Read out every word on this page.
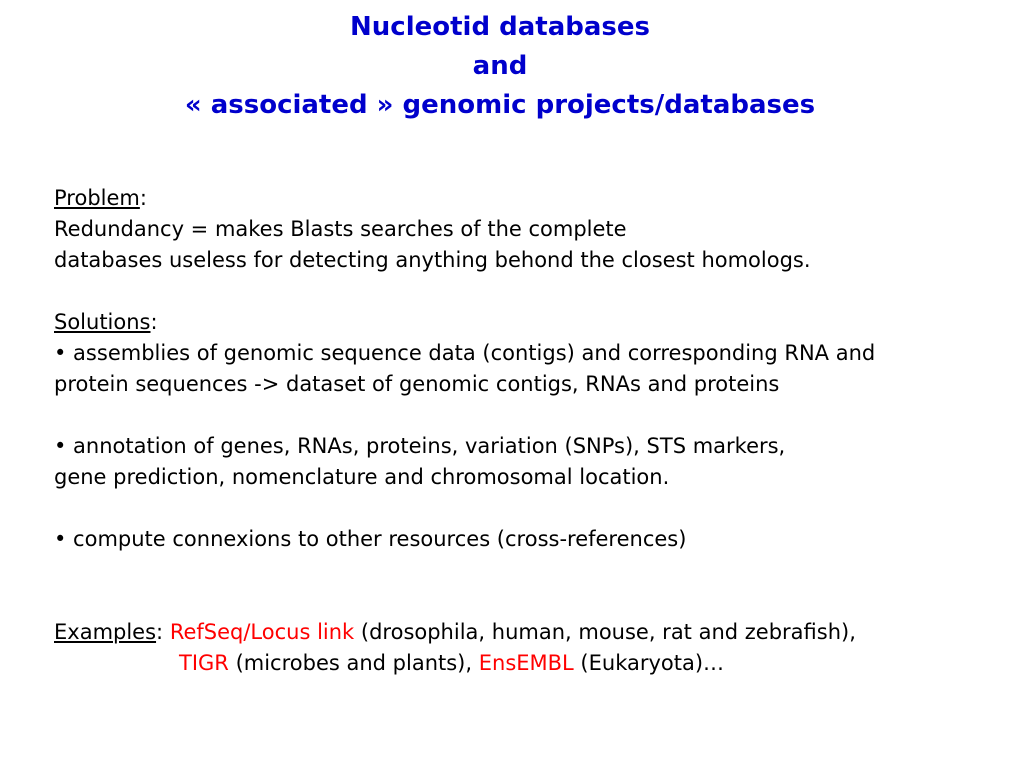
Nucleotid databases
and
« associated » genomic projects/databases
Problem:
Redundancy = makes Blasts searches of the complete
databases useless for detecting anything behond the closest homologs.
Solutions:
• assemblies of genomic sequence data (contigs) and corresponding RNA and
protein sequences -> dataset of genomic contigs, RNAs and proteins
• annotation of genes, RNAs, proteins, variation (SNPs), STS markers,
gene prediction, nomenclature and chromosomal location.
• compute connexions to other resources (cross-references)
Examples: RefSeq/Locus link (drosophila, human, mouse, rat and zebrafish),
TIGR (microbes and plants), EnsEMBL (Eukaryota)…
